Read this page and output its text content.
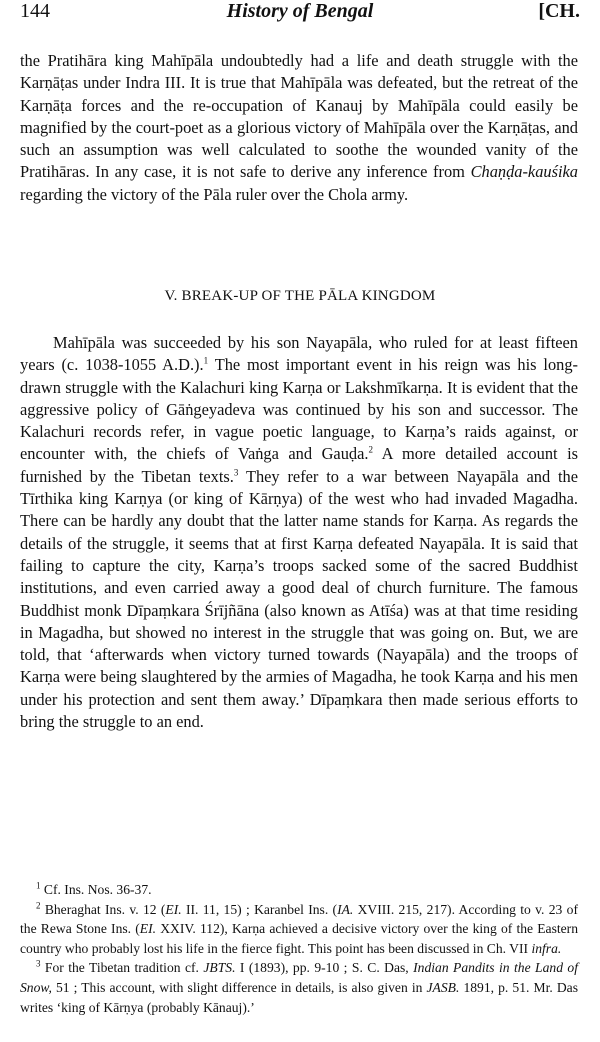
144	History of Bengal	[CH.

the Pratihāra king Mahīpāla undoubtedly had a life and death struggle with the Karṇāṭas under Indra III. It is true that Mahīpāla was defeated, but the retreat of the Karṇāṭa forces and the re-occupation of Kanauj by Mahīpāla could easily be magnified by the court-poet as a glorious victory of Mahīpāla over the Karṇāṭas, and such an assumption was well calculated to soothe the wounded vanity of the Pratihāras. In any case, it is not safe to derive any inference from Chaṇḍa-kauśika regarding the victory of the Pāla ruler over the Chola army.

V. BREAK-UP OF THE PĀLA KINGDOM

Mahīpāla was succeeded by his son Nayapāla, who ruled for at least fifteen years (c. 1038-1055 A.D.).$^1$ The most important event in his reign was his long-drawn struggle with the Kalachuri king Karṇa or Lakshmīkarṇa. It is evident that the aggressive policy of Gāṅgeyadeva was continued by his son and successor. The Kalachuri records refer, in vague poetic language, to Karṇa’s raids against, or encounter with, the chiefs of Vaṅga and Gauḍa.$^2$ A more detailed account is furnished by the Tibetan texts.$^3$ They refer to a war between Nayapāla and the Tīrthika king Karṇya (or king of Kārṇya) of the west who had invaded Magadha. There can be hardly any doubt that the latter name stands for Karṇa. As regards the details of the struggle, it seems that at first Karṇa defeated Nayapāla. It is said that failing to capture the city, Karṇa’s troops sacked some of the sacred Buddhist institutions, and even carried away a good deal of church furniture. The famous Buddhist monk Dīpaṃkara Śrījñāna (also known as Atīśa) was at that time residing in Magadha, but showed no interest in the struggle that was going on. But, we are told, that ‘afterwards when victory turned towards (Nayapāla) and the troops of Karṇa were being slaughtered by the armies of Magadha, he took Karṇa and his men under his protection and sent them away.’ Dīpaṃkara then made serious efforts to bring the struggle to an end.

$^1$ Cf. Ins. Nos. 36-37.

$^2$ Bheraghat Ins. v. 12 (EI. II. 11, 15) ; Karanbel Ins. (IA. XVIII. 215, 217). According to v. 23 of the Rewa Stone Ins. (EI. XXIV. 112), Karṇa achieved a decisive victory over the king of the Eastern country who probably lost his life in the fierce fight. This point has been discussed in Ch. VII infra.

$^3$ For the Tibetan tradition cf. JBTS. I (1893), pp. 9-10 ; S. C. Das, Indian Pandits in the Land of Snow, 51 ; This account, with slight difference in details, is also given in JASB. 1891, p. 51. Mr. Das writes ‘king of Kārṇya (probably Kānauj).’
